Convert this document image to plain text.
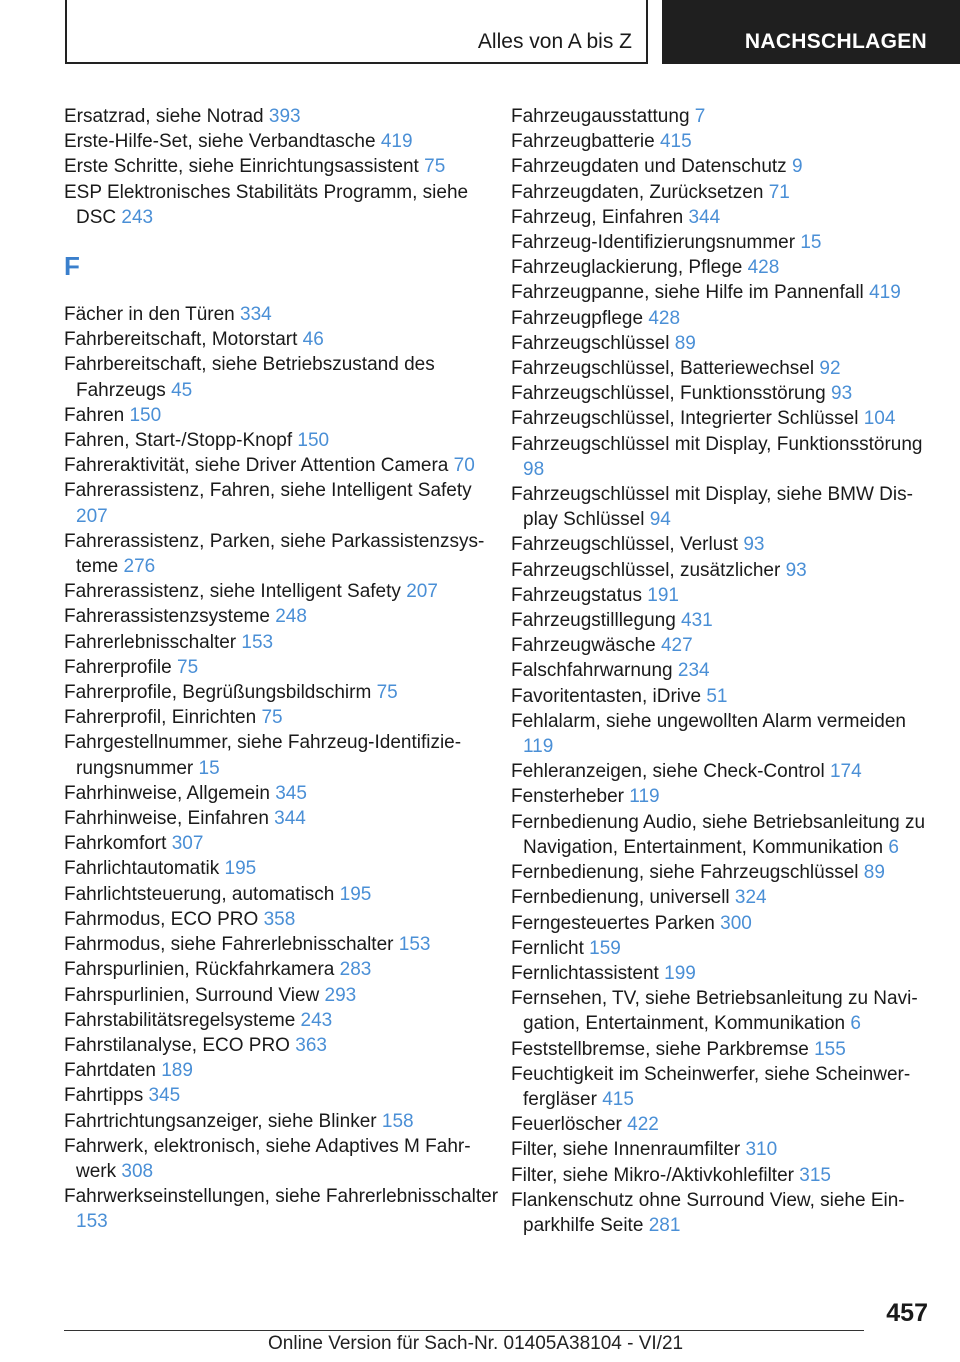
Alles von A bis Z	NACHSCHLAGEN
Ersatzrad, siehe Notrad 393
Erste-Hilfe-Set, siehe Verbandtasche 419
Erste Schritte, siehe Einrichtungsassistent 75
ESP Elektronisches Stabilitäts Programm, siehe DSC 243
F
Fächer in den Türen 334
Fahrbereitschaft, Motorstart 46
Fahrbereitschaft, siehe Betriebszustand des Fahrzeugs 45
Fahren 150
Fahren, Start-/Stopp-Knopf 150
Fahreraktivität, siehe Driver Attention Camera 70
Fahrerassistenz, Fahren, siehe Intelligent Safety 207
Fahrerassistenz, Parken, siehe Parkassistenzsysteme 276
Fahrerassistenz, siehe Intelligent Safety 207
Fahrerassistenzsysteme 248
Fahrerlebnisschalter 153
Fahrerprofile 75
Fahrerprofile, Begrüßungsbildschirm 75
Fahrerprofil, Einrichten 75
Fahrgestellnummer, siehe Fahrzeug-Identifizierungsnummer 15
Fahrhinweise, Allgemein 345
Fahrhinweise, Einfahren 344
Fahrkomfort 307
Fahrlichtautomatik 195
Fahrlichtsteuerung, automatisch 195
Fahrmodus, ECO PRO 358
Fahrmodus, siehe Fahrerlebnisschalter 153
Fahrspurlinien, Rückfahrkamera 283
Fahrspurlinien, Surround View 293
Fahrstabilitätsregelsysteme 243
Fahrstilanalyse, ECO PRO 363
Fahrtdaten 189
Fahrtipps 345
Fahrtrichtungsanzeiger, siehe Blinker 158
Fahrwerk, elektronisch, siehe Adaptives M Fahrwerk 308
Fahrwerkseinstellungen, siehe Fahrerlebnisschalter 153
Fahrzeugausstattung 7
Fahrzeugbatterie 415
Fahrzeugdaten und Datenschutz 9
Fahrzeugdaten, Zurücksetzen 71
Fahrzeug, Einfahren 344
Fahrzeug-Identifizierungsnummer 15
Fahrzeuglackierung, Pflege 428
Fahrzeugpanne, siehe Hilfe im Pannenfall 419
Fahrzeugpflege 428
Fahrzeugschlüssel 89
Fahrzeugschlüssel, Batteriewechsel 92
Fahrzeugschlüssel, Funktionsstörung 93
Fahrzeugschlüssel, Integrierter Schlüssel 104
Fahrzeugschlüssel mit Display, Funktionsstörung 98
Fahrzeugschlüssel mit Display, siehe BMW Display Schlüssel 94
Fahrzeugschlüssel, Verlust 93
Fahrzeugschlüssel, zusätzlicher 93
Fahrzeugstatus 191
Fahrzeugstilllegung 431
Fahrzeugwäsche 427
Falschfahrwarnung 234
Favoritentasten, iDrive 51
Fehlalarm, siehe ungewollten Alarm vermeiden 119
Fehleranzeigen, siehe Check-Control 174
Fensterheber 119
Fernbedienung Audio, siehe Betriebsanleitung zu Navigation, Entertainment, Kommunikation 6
Fernbedienung, siehe Fahrzeugschlüssel 89
Fernbedienung, universell 324
Ferngesteuertes Parken 300
Fernlicht 159
Fernlichtassistent 199
Fernsehen, TV, siehe Betriebsanleitung zu Navigation, Entertainment, Kommunikation 6
Feststellbremse, siehe Parkbremse 155
Feuchtigkeit im Scheinwerfer, siehe Scheinwerfergläser 415
Feuerlöscher 422
Filter, siehe Innenraumfilter 310
Filter, siehe Mikro-/Aktivkohlefilter 315
Flankenschutz ohne Surround View, siehe Einparkhilfe Seite 281
457
Online Version für Sach-Nr. 01405A38104 - VI/21
